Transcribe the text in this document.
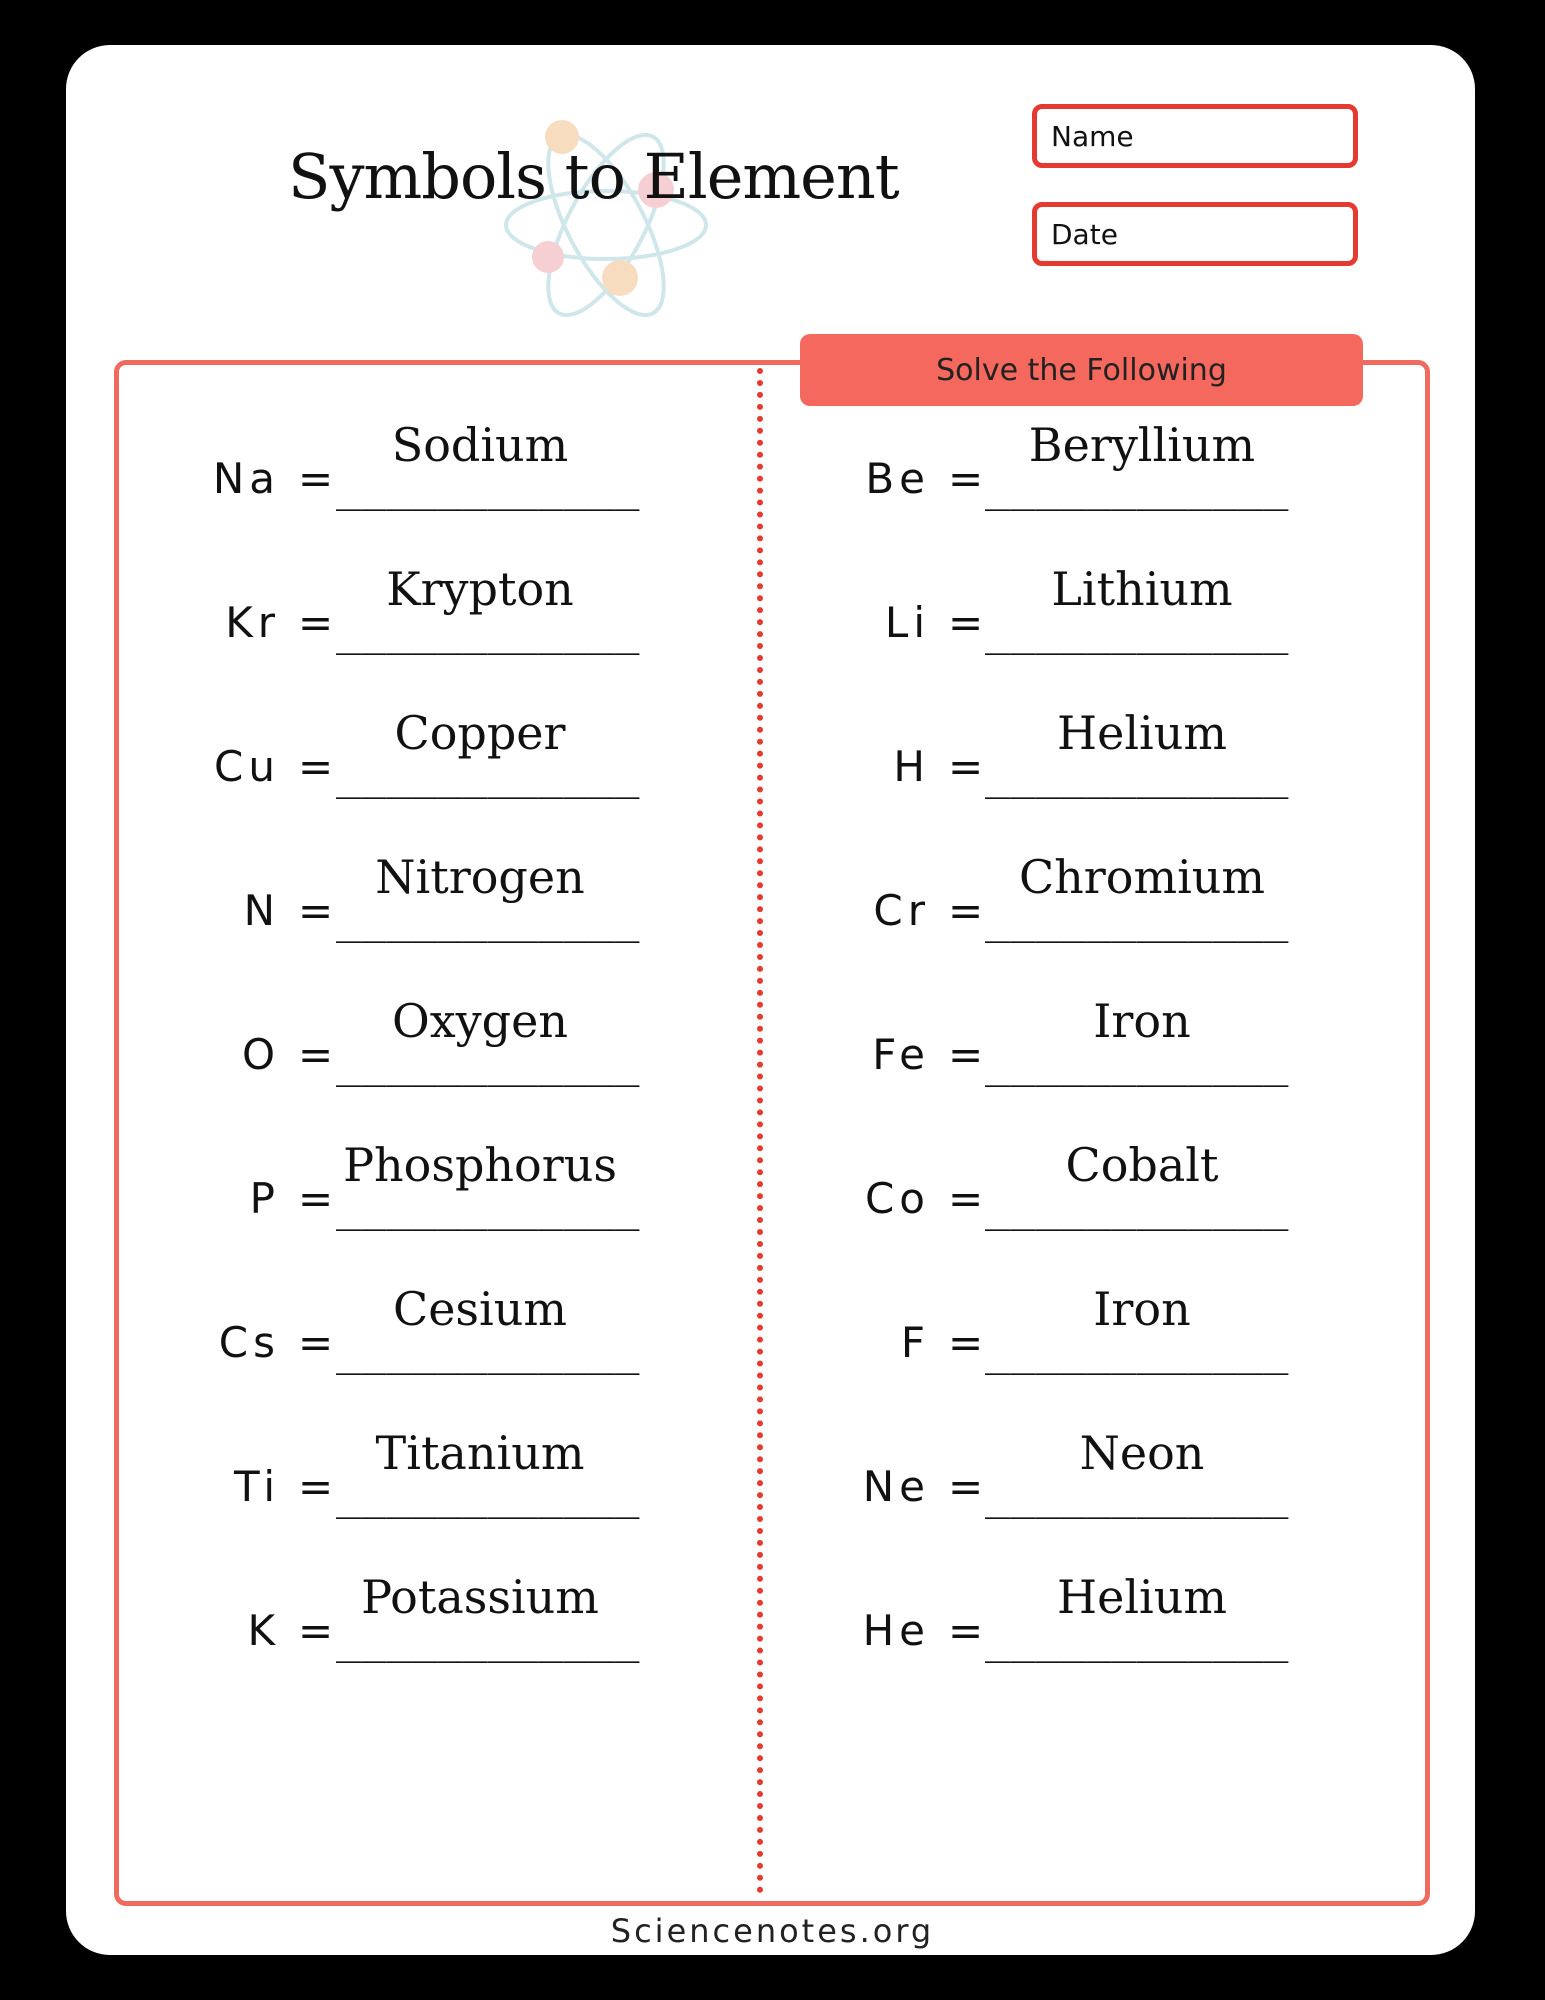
Symbols to Element
Name
Date
Solve the Following
Na =
____________
Sodium
Kr =
____________
Krypton
Cu =
____________
Copper
N =
____________
Nitrogen
O =
____________
Oxygen
P =
____________
Phosphorus
Cs =
____________
Cesium
Ti =
____________
Titanium
K =
____________
Potassium
Be =
____________
Beryllium
Li =
____________
Lithium
H =
____________
Helium
Cr =
____________
Chromium
Fe =
____________
Iron
Co =
____________
Cobalt
F =
____________
Iron
Ne =
____________
Neon
He =
____________
Helium
Sciencenotes.org
